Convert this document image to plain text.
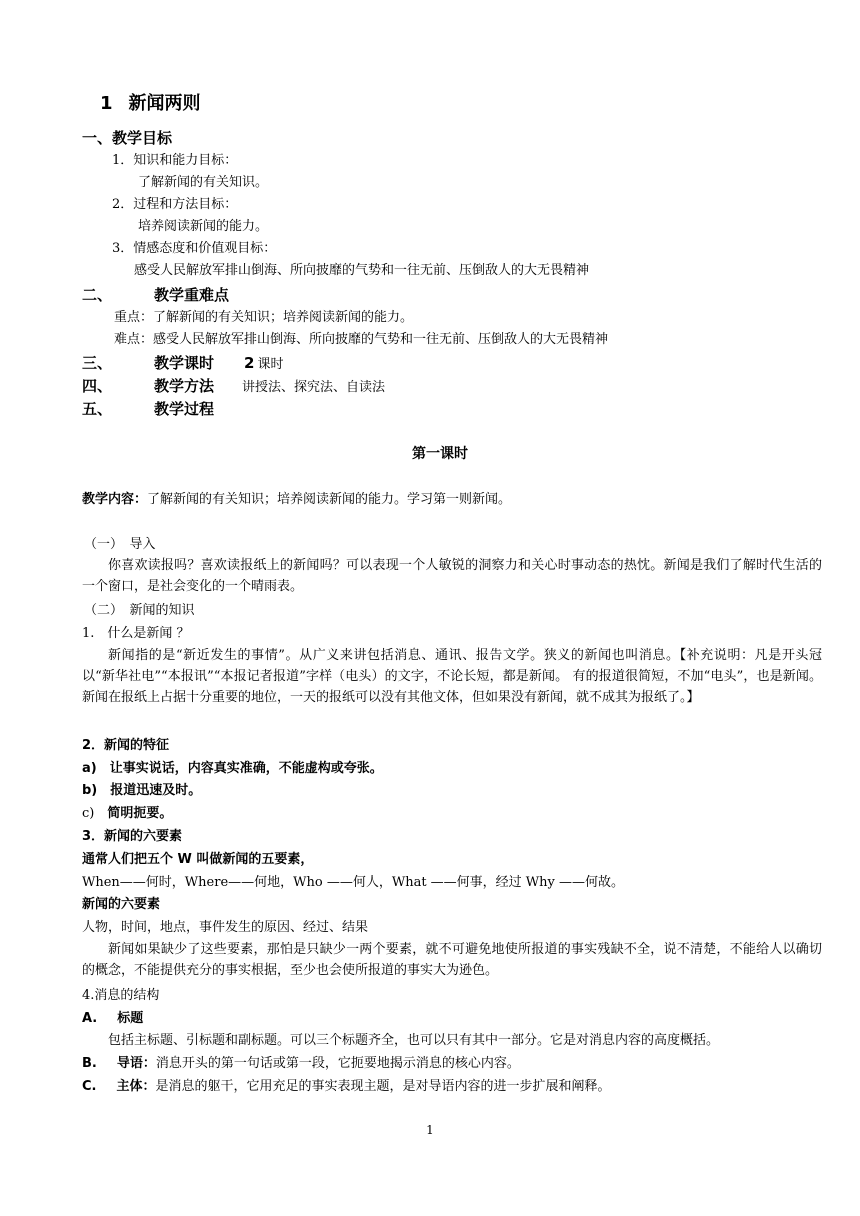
1 新闻两则
一、教学目标
1．知识和能力目标：
了解新闻的有关知识。
2．过程和方法目标：
培养阅读新闻的能力。
3．情感态度和价值观目标：
感受人民解放军排山倒海、所向披靡的气势和一往无前、压倒敌人的大无畏精神
二、	教学重难点
重点：了解新闻的有关知识；培养阅读新闻的能力。
难点：感受人民解放军排山倒海、所向披靡的气势和一往无前、压倒敌人的大无畏精神
三、	教学课时 2 课时
四、	教学方法 讲授法、探究法、自读法
五、	教学过程
第一课时
教学内容：了解新闻的有关知识；培养阅读新闻的能力。学习第一则新闻。
（一）　导入
你喜欢读报吗？喜欢读报纸上的新闻吗？可以表现一个人敏锐的洞察力和关心时事动态的热忱。新闻是我们了解时代生活的一个窗口，是社会变化的一个晴雨表。
（二）　新闻的知识
1.　什么是新闻 ？
新闻指的是“新近发生的事情”。从广义来讲包括消息、通讯、报告文学。狭义的新闻也叫消息。【补充说明：凡是开头冠以“新华社电”“本报讯”“本报记者报道”字样（电头）的文字，不论长短，都是新闻。 有的报道很简短，不加“电头”，也是新闻。新闻在报纸上占据十分重要的地位，一天的报纸可以没有其他文体，但如果没有新闻，就不成其为报纸了。】
2．新闻的特征
a)　让事实说话，内容真实准确，不能虚构或夸张。
b)　报道迅速及时。
c)　简明扼要。
3．新闻的六要素
通常人们把五个 W 叫做新闻的五要素，
When——何时，Where——何地，Who ——何人，What ——何事，经过 Why ——何故。
新闻的六要素
人物，时间，地点，事件发生的原因、经过、结果
新闻如果缺少了这些要素，那怕是只缺少一两个要素，就不可避免地使所报道的事实残缺不全，说不清楚，不能给人以确切的概念，不能提供充分的事实根据，至少也会使所报道的事实大为逊色。
4.消息的结构
A. 标题
包括主标题、引标题和副标题。可以三个标题齐全，也可以只有其中一部分。它是对消息内容的高度概括。
B. 导语：消息开头的第一句话或第一段，它扼要地揭示消息的核心内容。
C. 主体：是消息的躯干，它用充足的事实表现主题，是对导语内容的进一步扩展和阐释。
1
